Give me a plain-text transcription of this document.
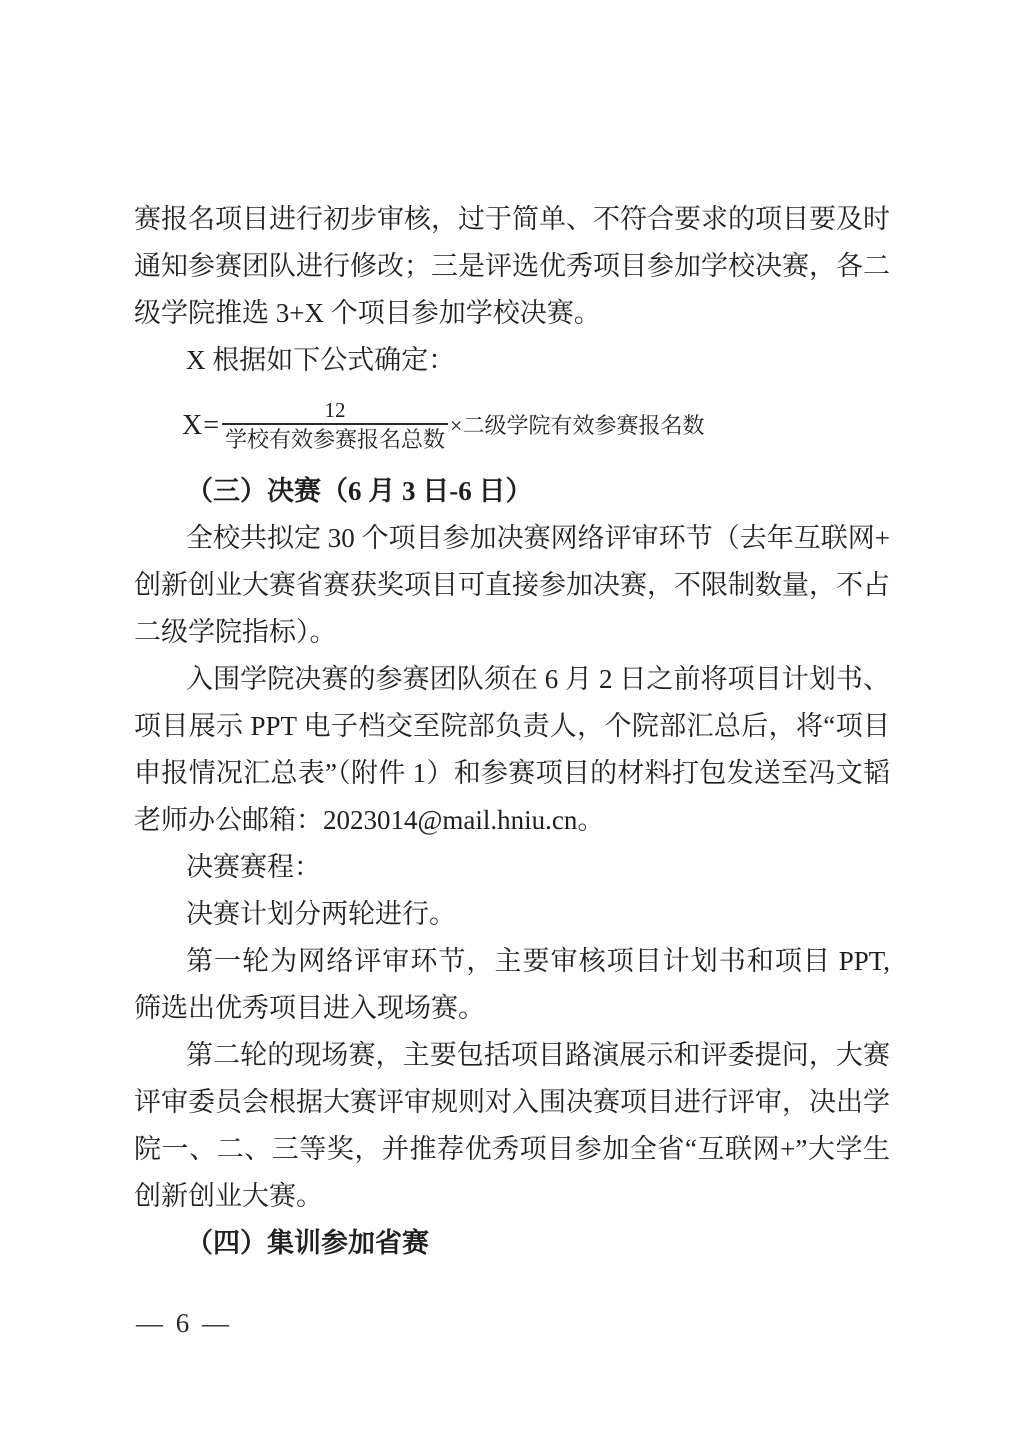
赛报名项目进行初步审核，过于简单、不符合要求的项目要及时
通知参赛团队进行修改；三是评选优秀项目参加学校决赛，各二
级学院推选 3+X 个项目参加学校决赛。
X 根据如下公式确定：
$X= \frac{12}{\text{学校有效参赛报名总数}}$ ×二级学院有效参赛报名数
（三）决赛（6 月 3 日-6 日）
全校共拟定 30 个项目参加决赛网络评审环节（去年互联网+
创新创业大赛省赛获奖项目可直接参加决赛，不限制数量，不占
二级学院指标）。
入围学院决赛的参赛团队须在 6 月 2 日之前将项目计划书、
项目展示 PPT 电子档交至院部负责人，个院部汇总后，将“项目
申报情况汇总表”（附件 1）和参赛项目的材料打包发送至冯文韬
老师办公邮箱：2023014@mail.hniu.cn。
决赛赛程：
决赛计划分两轮进行。
第一轮为网络评审环节，主要审核项目计划书和项目 PPT,
筛选出优秀项目进入现场赛。
第二轮的现场赛，主要包括项目路演展示和评委提问，大赛
评审委员会根据大赛评审规则对入围决赛项目进行评审，决出学
院一、二、三等奖，并推荐优秀项目参加全省“互联网+”大学生
创新创业大赛。
（四）集训参加省赛
— 6 —
